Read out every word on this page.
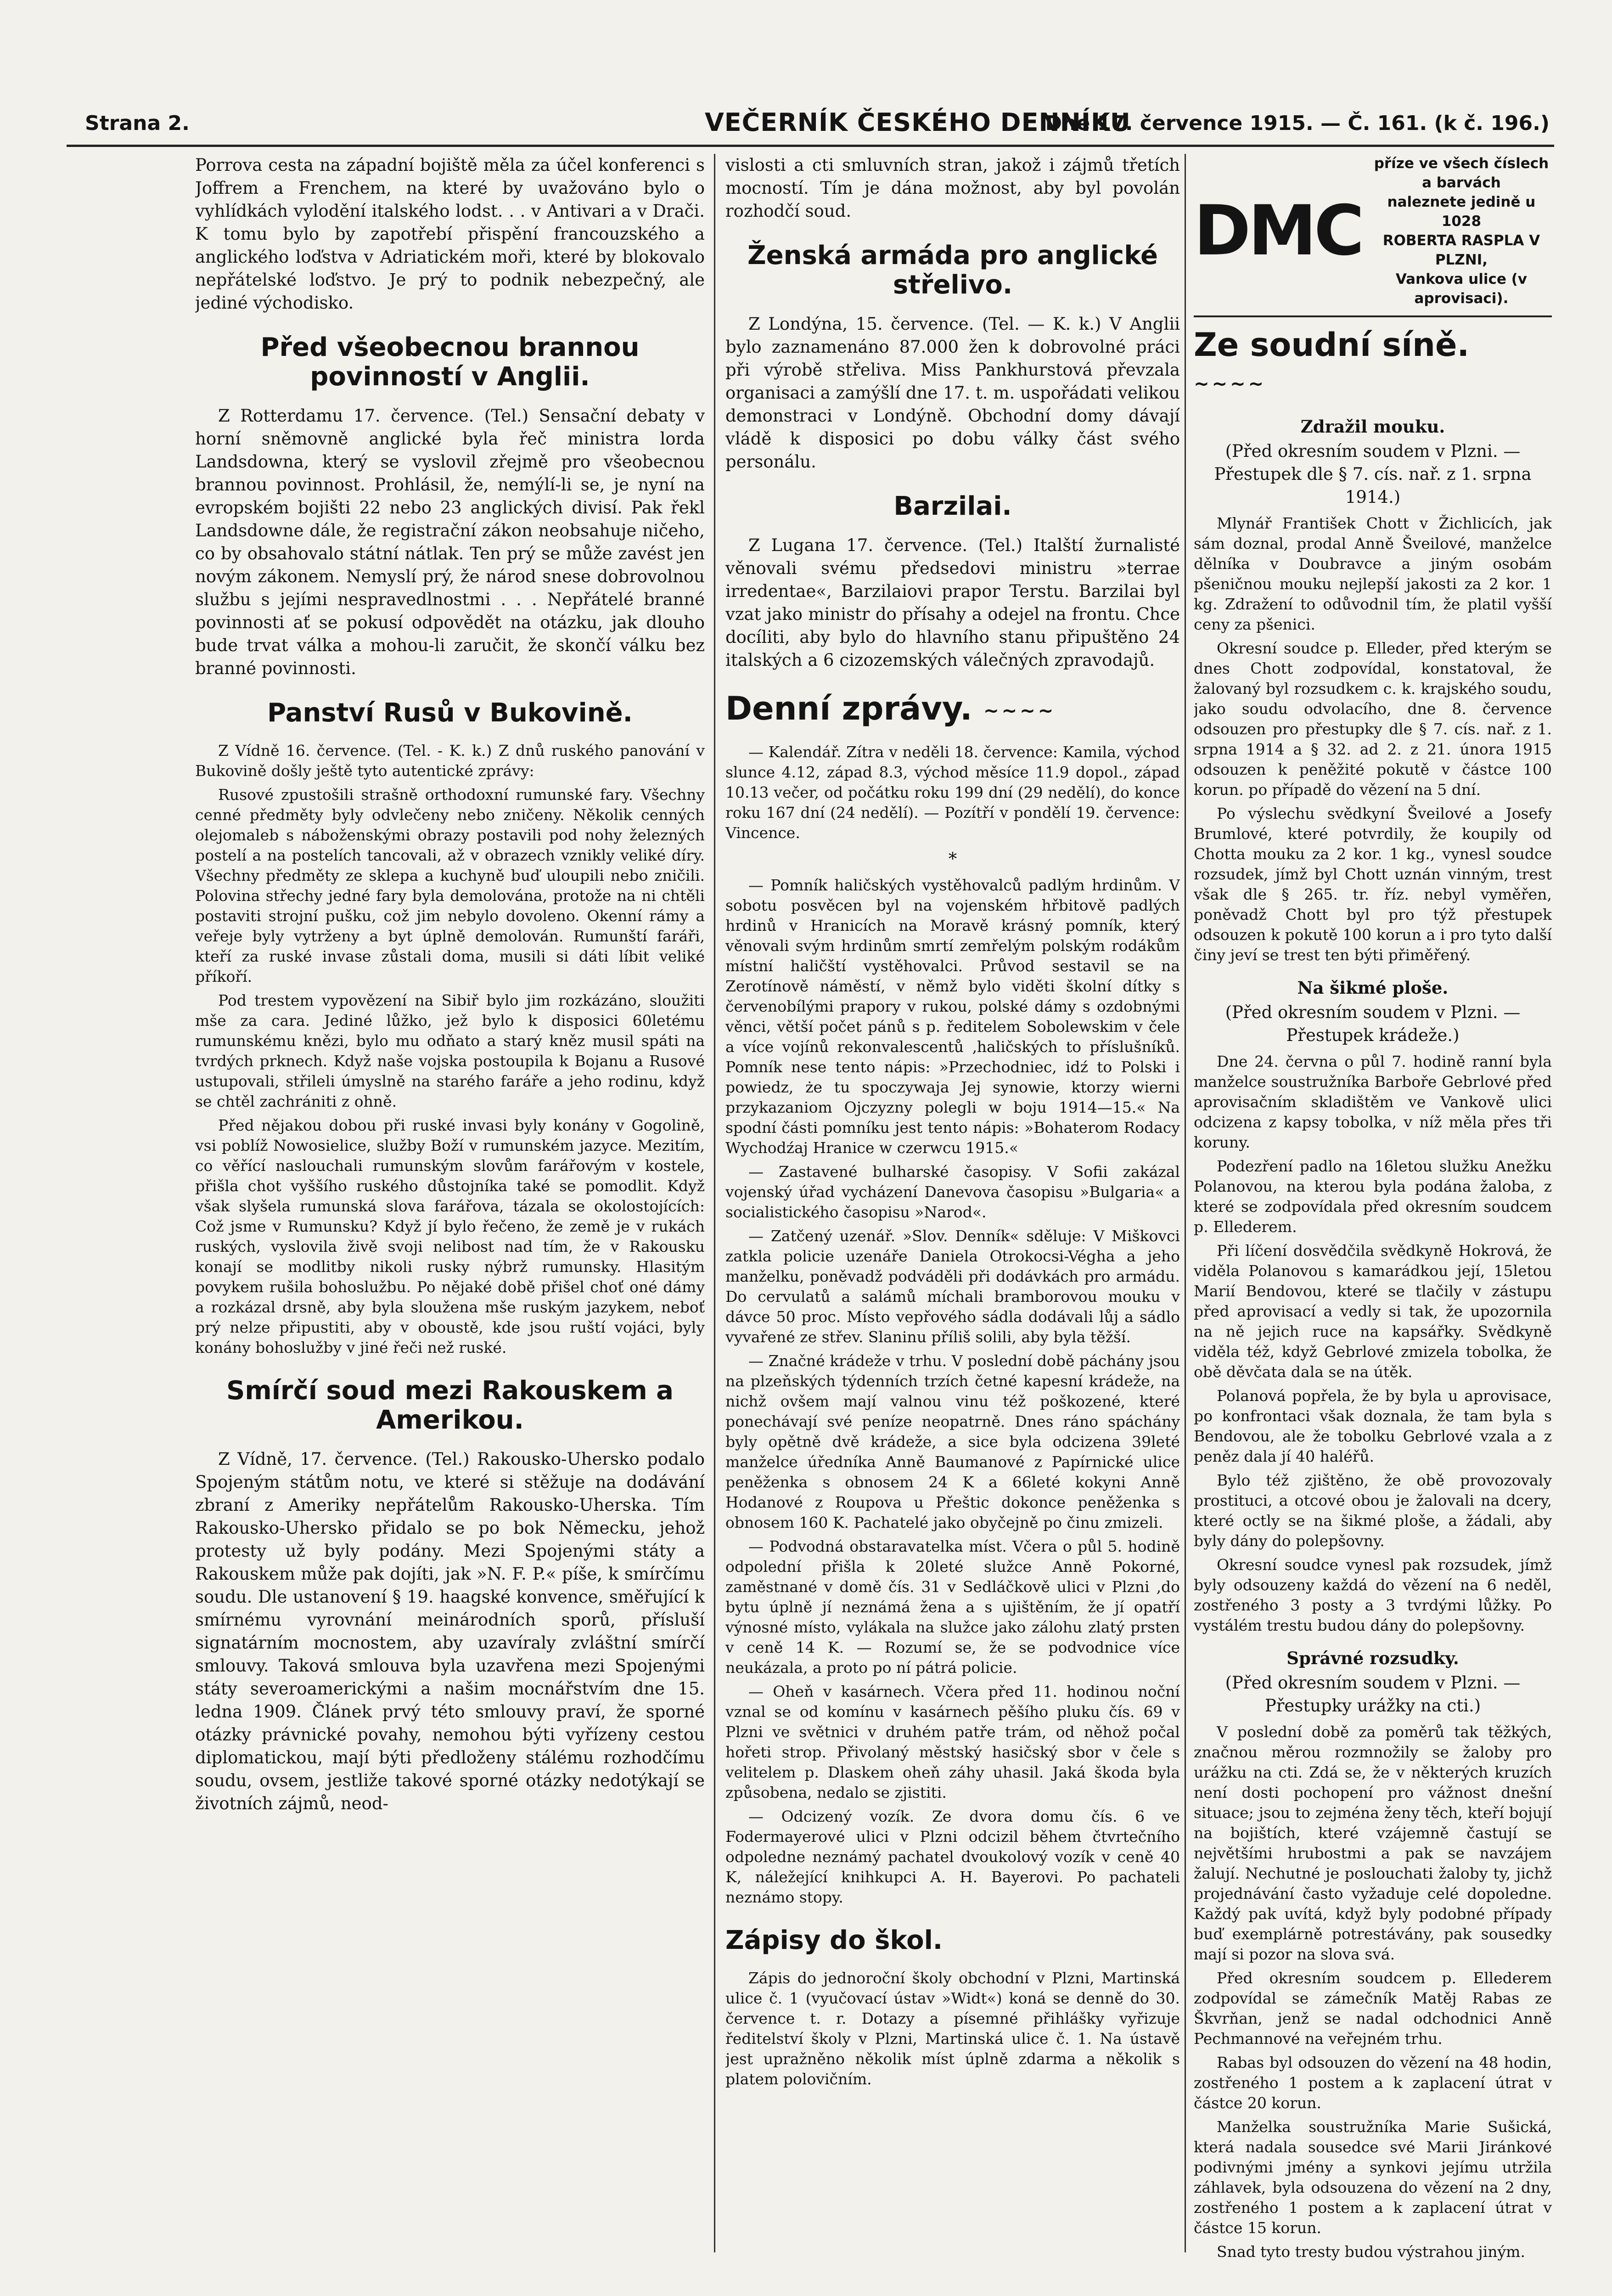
Strana 2.	VEČERNÍK ČESKÉHO DENNÍKU
Dne 17. července 1915. — Č. 161. (k č. 196.)

Porrova cesta na západní bojiště měla za účel konferenci s Joffrem a Frenchem, na které by uvažováno bylo o vyhlídkách vylodění italského lodst. . . v Antivari a v Drači. K tomu bylo by zapotřebí přispění francouzského a anglického loďstva v Adriatickém moři, které by blokovalo nepřátelské loďstvo. Je prý to podnik nebezpečný, ale jediné východisko.

Před všeobecnou brannou povinností v Anglii.

Z Rotterdamu 17. července. (Tel.) Sensační debaty v horní sněmovně anglické byla řeč ministra lorda Landsdowna, který se vyslovil zřejmě pro všeobecnou brannou povinnost. Prohlásil, že, nemýlí-li se, je nyní na evropském bojišti 22 nebo 23 anglických divisí. Pak řekl Landsdowne dále, že registrační zákon neobsahuje ničeho, co by obsahovalo státní nátlak. Ten prý se může zavést jen novým zákonem. Nemyslí prý, že národ snese dobrovolnou službu s jejími nespravedlnostmi . . . Nepřátelé branné povinnosti ať se pokusí odpovědět na otázku, jak dlouho bude trvat válka a mohou-li zaručit, že skončí válku bez branné povinnosti.

Panství Rusů v Bukovině.

Z Vídně 16. července. (Tel. - K. k.) Z dnů ruského panování v Bukovině došly ještě tyto autentické zprávy:

Rusové zpustošili strašně orthodoxní rumunské fary. Všechny cenné předměty byly odvlečeny nebo zničeny. Několik cenných olejomaleb s náboženskými obrazy postavili pod nohy železných postelí a na postelích tancovali, až v obrazech vznikly veliké díry. Všechny předměty ze sklepa a kuchyně buď uloupili nebo zničili. Polovina střechy jedné fary byla demolována, protože na ni chtěli postaviti strojní pušku, což jim nebylo dovoleno. Okenní rámy a veřeje byly vytrženy a byt úplně demolován. Rumunští faráři, kteří za ruské invase zůstali doma, musili si dáti líbit veliké příkoří.

Pod trestem vypovězení na Sibiř bylo jim rozkázáno, sloužiti mše za cara. Jediné lůžko, jež bylo k disposici 60letému rumunskému knězi, bylo mu odňato a starý kněz musil spáti na tvrdých prknech. Když naše vojska postoupila k Bojanu a Rusové ustupovali, střileli úmyslně na starého faráře a jeho rodinu, když se chtěl zachrániti z ohně.

Před nějakou dobou při ruské invasi byly konány v Gogolině, vsi poblíž Nowosielice, služby Boží v rumunském jazyce. Mezitím, co věřící naslouchali rumunským slovům farářovým v kostele, přišla chot vyššího ruského důstojníka také se pomodlit. Když však slyšela rumunská slova farářova, tázala se okolostojících: Což jsme v Rumunsku? Když jí bylo řečeno, že země je v rukách ruských, vyslovila živě svoji nelibost nad tím, že v Rakousku konají se modlitby nikoli rusky nýbrž rumunsky. Hlasitým povykem rušila bohoslužbu. Po nějaké době přišel choť oné dámy a rozkázal drsně, aby byla sloužena mše ruským jazykem, neboť prý nelze připustiti, aby v oboustě, kde jsou ruští vojáci, byly konány bohoslužby v jiné řeči než ruské.

Smírčí soud mezi Rakouskem a Amerikou.

Z Vídně, 17. července. (Tel.) Rakousko-Uhersko podalo Spojeným státům notu, ve které si stěžuje na dodávání zbraní z Ameriky nepřátelům Rakousko-Uherska. Tím Rakousko-Uhersko přidalo se po bok Německu, jehož protesty už byly podány. Mezi Spojenými státy a Rakouskem může pak dojíti, jak »N. F. P.« píše, k smírčímu soudu. Dle ustanovení § 19. haagské konvence, směřující k smírnému vyrovnání meinárodních sporů, přísluší signatárním mocnostem, aby uzavíraly zvláštní smírčí smlouvy. Taková smlouva byla uzavřena mezi Spojenými státy severoamerickými a našim mocnářstvím dne 15. ledna 1909. Článek prvý této smlouvy praví, že sporné otázky právnické povahy, nemohou býti vyřízeny cestou diplomatickou, mají býti předloženy stálému rozhodčímu soudu, ovsem, jestliže takové sporné otázky nedotýkají se životních zájmů, neod-

vislosti a cti smluvních stran, jakož i zájmů třetích mocností. Tím je dána možnost, aby byl povolán rozhodčí soud.

Ženská armáda pro anglické střelivo.

Z Londýna, 15. července. (Tel. — K. k.) V Anglii bylo zaznamenáno 87.000 žen k dobrovolné práci při výrobě střeliva. Miss Pankhurstová převzala organisaci a zamýšlí dne 17. t. m. uspořádati velikou demonstraci v Londýně. Obchodní domy dávají vládě k disposici po dobu války část svého personálu.

Barzilai.

Z Lugana 17. července. (Tel.) Italští žurnalisté věnovali svému předsedovi ministru »terrae irredentae«, Barzilaiovi prapor Terstu. Barzilai byl vzat jako ministr do přísahy a odejel na frontu. Chce docíliti, aby bylo do hlavního stanu připuštěno 24 italských a 6 cizozemských válečných zpravodajů.

Denní zprávy. ∼∼∼∼

— Kalendář. Zítra v neděli 18. července: Kamila, východ slunce 4.12, západ 8.3, východ měsíce 11.9 dopol., západ 10.13 večer, od počátku roku 199 dní (29 nedělí), do konce roku 167 dní (24 nedělí). — Pozítří v pondělí 19. července: Vincence.

*

— Pomník haličských vystěhovalců padlým hrdinům. V sobotu posvěcen byl na vojenském hřbitově padlých hrdinů v Hranicích na Moravě krásný pomník, který věnovali svým hrdinům smrtí zemřelým polským rodákům místní haličští vystěhovalci. Průvod sestavil se na Zerotínově náměstí, v němž bylo viděti školní dítky s červenobílými prapory v rukou, polské dámy s ozdobnými věnci, větší počet pánů s p. ředitelem Sobolewskim v čele a více vojínů rekonvalescentů ‚haličských to příslušníků. Pomník nese tento nápis: »Przechodniec, idź to Polski i powiedz, że tu spoczywaja Jej synowie, ktorzy wierni przykazaniom Ojczyzny polegli w boju 1914—15.« Na spodní části pomníku jest tento nápis: »Bohaterom Rodacy Wychodźaj Hranice w czerwcu 1915.«

— Zastavené bulharské časopisy. V Sofii zakázal vojenský úřad vycházení Danevova časopisu »Bulgaria« a socialistického časopisu »Narod«.

— Zatčený uzenář. »Slov. Denník« sděluje: V Miškovci zatkla policie uzenáře Daniela Otrokocsi-Végha a jeho manželku, poněvadž podváděli při dodávkách pro armádu. Do cervulatů a salámů míchali bramborovou mouku v dávce 50 proc. Místo vepřového sádla dodávali lůj a sádlo vyvařené ze střev. Slaninu příliš solili, aby byla těžší.

— Značné krádeže v trhu. V poslední době páchány jsou na plzeňských týdenních trzích četné kapesní krádeže, na nichž ovšem mají valnou vinu též poškozené, které ponechávají své peníze neopatrně. Dnes ráno spáchány byly opětně dvě krádeže, a sice byla odcizena 39leté manželce úředníka Anně Baumanové z Papírnické ulice peněženka s obnosem 24 K a 66leté kokyni Anně Hodanové z Roupova u Přeštic dokonce peněženka s obnosem 160 K. Pachatelé jako obyčejně po činu zmizeli.

— Podvodná obstaravatelka míst. Včera o půl 5. hodině odpolední přišla k 20leté služce Anně Pokorné, zaměstnané v domě čís. 31 v Sedláčkově ulici v Plzni ‚do bytu úplně jí neznámá žena a s ujištěním, že jí opatří výnosné místo, vylákala na služce jako zálohu zlatý prsten v ceně 14 K. — Rozumí se, že se podvodnice více neukázala, a proto po ní pátrá policie.

— Oheň v kasárnech. Včera před 11. hodinou noční vznal se od komínu v kasárnech pěšího pluku čís. 69 v Plzni ve světnici v druhém patře trám, od něhož počal hořeti strop. Přivolaný městský hasičský sbor v čele s velitelem p. Dlaskem oheň záhy uhasil. Jaká škoda byla způsobena, nedalo se zjistiti.

— Odcizený vozík. Ze dvora domu čís. 6 ve Fodermayerové ulici v Plzni odcizil během čtvrtečního odpoledne neznámý pachatel dvoukolový vozík v ceně 40 K, náležející knihkupci A. H. Bayerovi. Po pachateli neznámo stopy.

Zápisy do škol.

Zápis do jednoroční školy obchodní v Plzni, Martinská ulice č. 1 (vyučovací ústav »Widt«) koná se denně do 30. července t. r. Dotazy a písemné přihlášky vyřizuje ředitelství školy v Plzni, Martinská ulice č. 1. Na ústavě jest upražněno několik míst úplně zdarma a několik s platem polovičním.

DMC
příze ve všech číslech a barvách
naleznete jedině u 1028
ROBERTA RASPLA V PLZNI,
Vankova ulice (v aprovisaci).
Ze soudní síně. ∼∼∼∼
Zdražil mouku.
(Před okresním soudem v Plzni. — Přestupek dle § 7. cís. nař. z 1. srpna 1914.)

Mlynář František Chott v Žichlicích, jak sám doznal, prodal Anně Šveilové, manželce dělníka v Doubravce a jiným osobám pšeničnou mouku nejlepší jakosti za 2 kor. 1 kg. Zdražení to odůvodnil tím, že platil vyšší ceny za pšenici.

Okresní soudce p. Elleder, před kterým se dnes Chott zodpovídal, konstatoval, že žalovaný byl rozsudkem c. k. krajského soudu, jako soudu odvolacího, dne 8. července odsouzen pro přestupky dle § 7. cís. nař. z 1. srpna 1914 a § 32. ad 2. z 21. února 1915 odsouzen k peněžité pokutě v částce 100 korun. po případě do vězení na 5 dní.

Po výslechu svědkyní Šveilové a Josefy Brumlové, které potvrdily, že koupily od Chotta mouku za 2 kor. 1 kg., vynesl soudce rozsudek, jímž byl Chott uznán vinným, trest však dle § 265. tr. říz. nebyl vyměřen, poněvadž Chott byl pro týž přestupek odsouzen k pokutě 100 korun a i pro tyto další činy jeví se trest ten býti přiměřený.

Na šikmé ploše.
(Před okresním soudem v Plzni. — Přestupek krádeže.)

Dne 24. června o půl 7. hodině ranní byla manželce soustružníka Barboře Gebrlové před aprovisačním skladištěm ve Vankově ulici odcizena z kapsy tobolka, v níž měla přes tři koruny.

Podezření padlo na 16letou služku Anežku Polanovou, na kterou byla podána žaloba, z které se zodpovídala před okresním soudcem p. Ellederem.

Při líčení dosvědčila svědkyně Hokrová, že viděla Polanovou s kamarádkou její, 15letou Marií Bendovou, které se tlačily v zástupu před aprovisací a vedly si tak, že upozornila na ně jejich ruce na kapsářky. Svědkyně viděla též, když Gebrlové zmizela tobolka, že obě děvčata dala se na útěk.

Polanová popřela, že by byla u aprovisace, po konfrontaci však doznala, že tam byla s Bendovou, ale že tobolku Gebrlové vzala a z peněz dala jí 40 haléřů.

Bylo též zjištěno, že obě provozovaly prostituci, a otcové obou je žalovali na dcery, které octly se na šikmé ploše, a žádali, aby byly dány do polepšovny.

Okresní soudce vynesl pak rozsudek, jímž byly odsouzeny každá do vězení na 6 neděl, zostřeného 3 posty a 3 tvrdými lůžky. Po vystálém trestu budou dány do polepšovny.

Správné rozsudky.
(Před okresním soudem v Plzni. — Přestupky urážky na cti.)

V poslední době za poměrů tak těžkých, značnou měrou rozmnožily se žaloby pro urážku na cti. Zdá se, že v některých kruzích není dosti pochopení pro vážnost dnešní situace; jsou to zejména ženy těch, kteří bojují na bojištích, které vzájemně častují se největšími hrubostmi a pak se navzájem žalují. Nechutné je poslouchati žaloby ty, jichž projednávání často vyžaduje celé dopoledne. Každý pak uvítá, když byly podobné případy buď exemplárně potrestávány, pak sousedky mají si pozor na slova svá.

Před okresním soudcem p. Ellederem zodpovídal se zámečník Matěj Rabas ze Škvrňan, jenž se nadal odchodnici Anně Pechmannové na veřejném trhu.

Rabas byl odsouzen do vězení na 48 hodin, zostřeného 1 postem a k zaplacení útrat v částce 20 korun.

Manželka soustružníka Marie Sušická, která nadala sousedce své Marii Jiránkové podivnými jmény a synkovi jejímu utržila záhlavek, byla odsouzena do vězení na 2 dny, zostřeného 1 postem a k zaplacení útrat v částce 15 korun.

Snad tyto tresty budou výstrahou jiným.
